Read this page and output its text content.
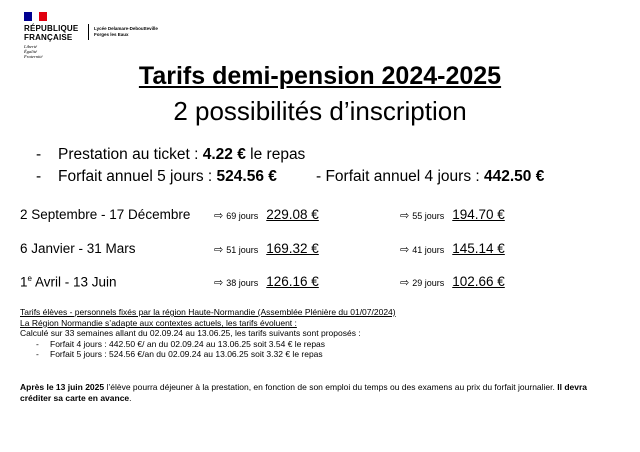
RÉPUBLIQUE
FRANÇAISE
Liberté
Égalité
Fraternité
Lycée Delamare-Deboutteville
Forges les Eaux
Tarifs demi-pension 2024-2025
2 possibilités d’inscription
- Prestation au ticket : 4.22 € le repas
- Forfait annuel 5 jours : 524.56 €	- Forfait annuel 4 jours : 442.50 €
2 Septembre - 17 Décembre ⇨ 69 jours 229.08 €	⇨ 55 jours 194.70 €
6 Janvier - 31 Mars	⇨ 51 jours 169.32 €	⇨ 41 jours 145.14 €
1e Avril - 13 Juin	⇨ 38 jours 126.16 €	⇨ 29 jours 102.66 €
Tarifs élèves - personnels fixés par la région Haute-Normandie (Assemblée Plénière du 01/07/2024)
La Région Normandie s’adapte aux contextes actuels, les tarifs évoluent :
Calculé sur 33 semaines allant du 02.09.24 au 13.06.25, les tarifs suivants sont proposés :
- Forfait 4 jours : 442.50 €/ an du 02.09.24 au 13.06.25 soit 3.54 € le repas
- Forfait 5 jours : 524.56 €/an du 02.09.24 au 13.06.25 soit 3.32 € le repas
Après le 13 juin 2025 l’élève pourra déjeuner à la prestation, en fonction de son emploi du temps ou des examens au prix du forfait journalier. Il devra créditer sa carte en avance.
